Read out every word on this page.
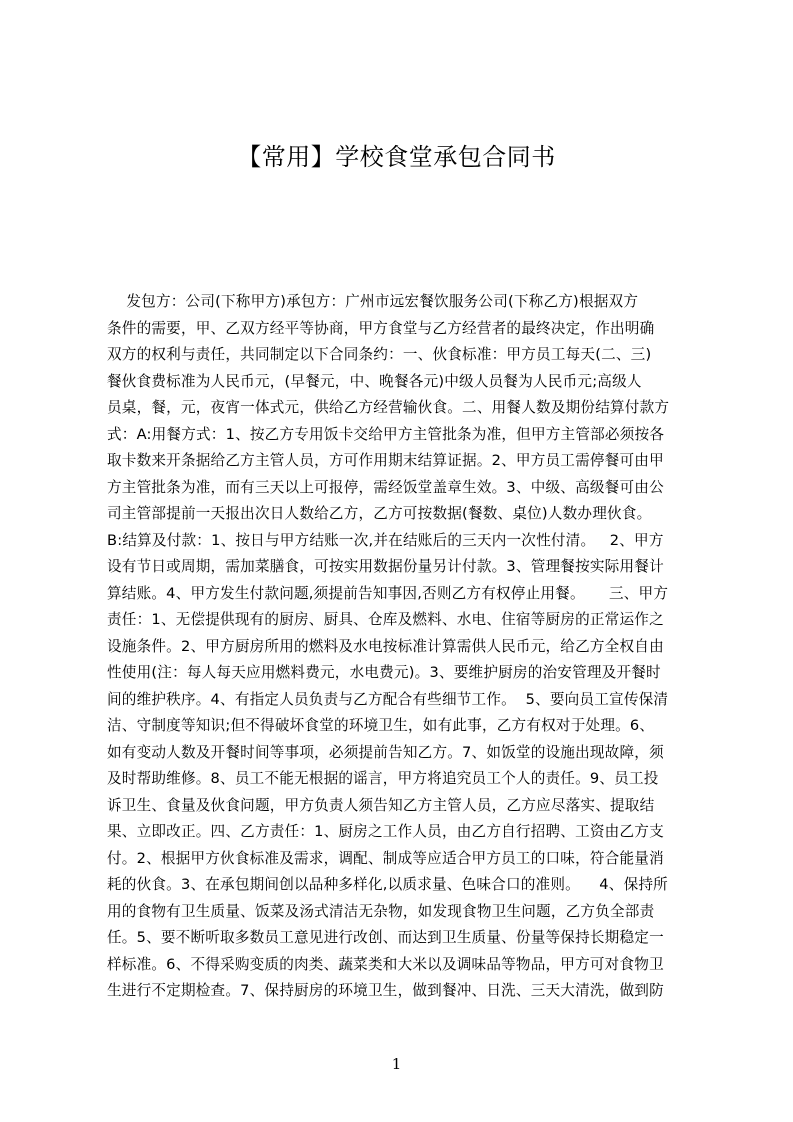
【常用】学校食堂承包合同书
发包方：公司(下称甲方)承包方：广州市远宏餐饮服务公司(下称乙方)根据双方
条件的需要，甲、乙双方经平等协商，甲方食堂与乙方经营者的最终决定，作出明确
双方的权利与责任，共同制定以下合同条约：一、伙食标准：甲方员工每天(二、三)
餐伙食费标准为人民币元，(早餐元，中、晚餐各元)中级人员餐为人民币元;高级人
员桌，餐，元，夜宵一体式元，供给乙方经营输伙食。二、用餐人数及期份结算付款方
式：A:用餐方式：1、按乙方专用饭卡交给甲方主管批条为准，但甲方主管部必须按各
取卡数来开条据给乙方主管人员，方可作用期末结算证据。2、甲方员工需停餐可由甲
方主管批条为准，而有三天以上可报停，需经饭堂盖章生效。3、中级、高级餐可由公
司主管部提前一天报出次日人数给乙方，乙方可按数据(餐数、桌位)人数办理伙食。
B:结算及付款：1、按日与甲方结账一次,并在结账后的三天内一次性付清。   2、甲方
设有节日或周期，需加菜膳食，可按实用数据份量另计付款。3、管理餐按实际用餐计
算结账。4、甲方发生付款问题,须提前告知事因,否则乙方有权停止用餐。     三、甲方
责任：1、无偿提供现有的厨房、厨具、仓库及燃料、水电、住宿等厨房的正常运作之
设施条件。2、甲方厨房所用的燃料及水电按标准计算需供人民币元，给乙方全权自由
性使用(注：每人每天应用燃料费元，水电费元)。3、要维护厨房的治安管理及开餐时
间的维护秩序。4、有指定人员负责与乙方配合有些细节工作。  5、要向员工宣传保清
洁、守制度等知识;但不得破坏食堂的环境卫生，如有此事，乙方有权对于处理。6、
如有变动人数及开餐时间等事项，必须提前告知乙方。7、如饭堂的设施出现故障，须
及时帮助维修。8、员工不能无根据的谣言，甲方将追究员工个人的责任。9、员工投
诉卫生、食量及伙食问题，甲方负责人须告知乙方主管人员，乙方应尽落实、提取结
果、立即改正。四、乙方责任：1、厨房之工作人员，由乙方自行招聘、工资由乙方支
付。2、根据甲方伙食标准及需求，调配、制成等应适合甲方员工的口味，符合能量消
耗的伙食。3、在承包期间创以品种多样化,以质求量、色味合口的准则。    4、保持所
用的食物有卫生质量、饭菜及汤式清洁无杂物，如发现食物卫生问题，乙方负全部责
任。5、要不断听取多数员工意见进行改创、而达到卫生质量、份量等保持长期稳定一
样标准。6、不得采购变质的肉类、蔬菜类和大米以及调味品等物品，甲方可对食物卫
生进行不定期检查。7、保持厨房的环境卫生，做到餐冲、日洗、三天大清洗，做到防
1
